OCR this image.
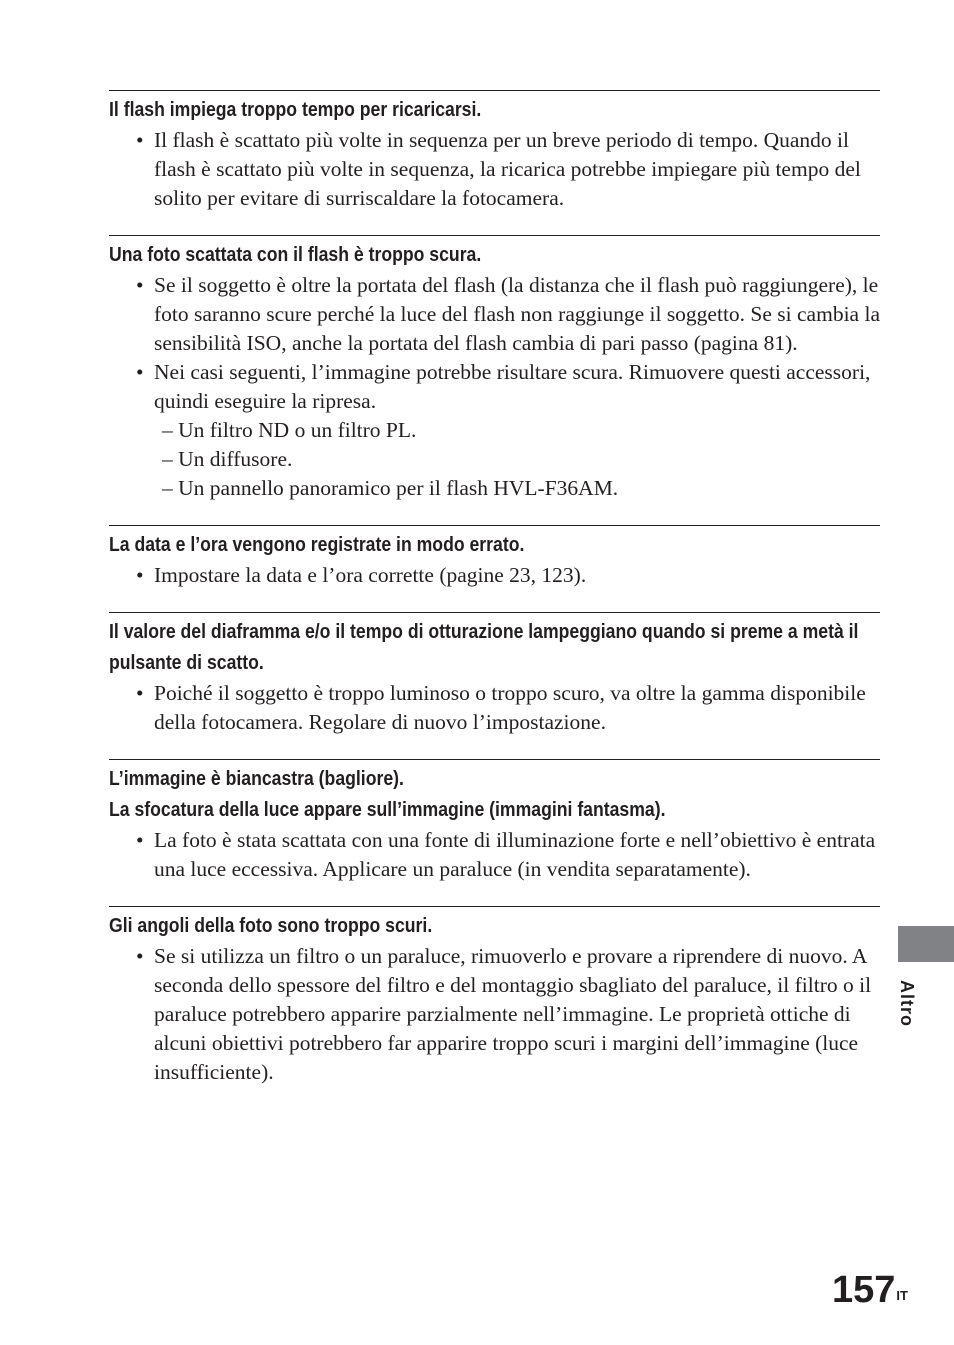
Il flash impiega troppo tempo per ricaricarsi.
• Il flash è scattato più volte in sequenza per un breve periodo di tempo. Quando il flash è scattato più volte in sequenza, la ricarica potrebbe impiegare più tempo del solito per evitare di surriscaldare la fotocamera.
Una foto scattata con il flash è troppo scura.
• Se il soggetto è oltre la portata del flash (la distanza che il flash può raggiungere), le foto saranno scure perché la luce del flash non raggiunge il soggetto. Se si cambia la sensibilità ISO, anche la portata del flash cambia di pari passo (pagina 81).
• Nei casi seguenti, l’immagine potrebbe risultare scura. Rimuovere questi accessori, quindi eseguire la ripresa.
– Un filtro ND o un filtro PL.
– Un diffusore.
– Un pannello panoramico per il flash HVL-F36AM.
La data e l’ora vengono registrate in modo errato.
• Impostare la data e l’ora corrette (pagine 23, 123).
Il valore del diaframma e/o il tempo di otturazione lampeggiano quando si preme a metà il pulsante di scatto.
• Poiché il soggetto è troppo luminoso o troppo scuro, va oltre la gamma disponibile della fotocamera. Regolare di nuovo l’impostazione.
L’immagine è biancastra (bagliore).
La sfocatura della luce appare sull’immagine (immagini fantasma).
• La foto è stata scattata con una fonte di illuminazione forte e nell’obiettivo è entrata una luce eccessiva. Applicare un paraluce (in vendita separatamente).
Gli angoli della foto sono troppo scuri.
• Se si utilizza un filtro o un paraluce, rimuoverlo e provare a riprendere di nuovo. A seconda dello spessore del filtro e del montaggio sbagliato del paraluce, il filtro o il paraluce potrebbero apparire parzialmente nell’immagine. Le proprietà ottiche di alcuni obiettivi potrebbero far apparire troppo scuri i margini dell’immagine (luce insufficiente).
Altro
$157^{IT}$
